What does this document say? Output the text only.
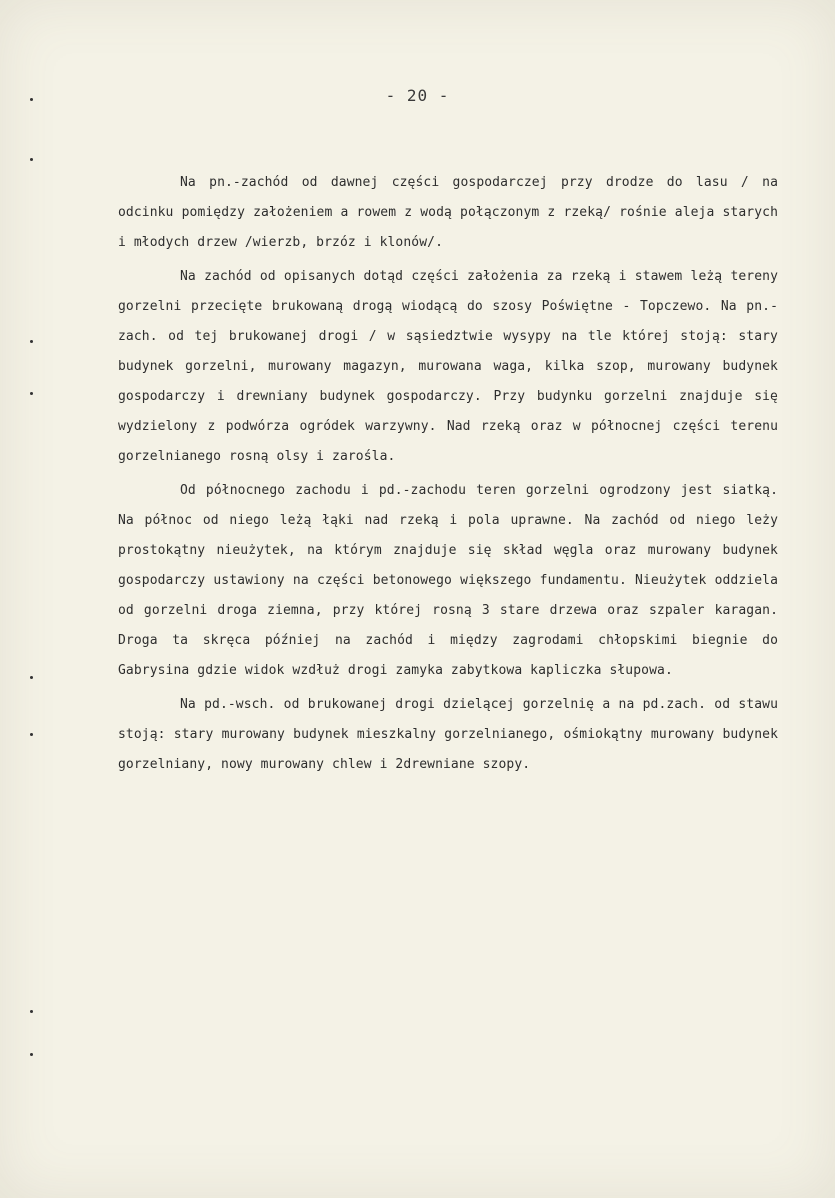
- 20 -

Na pn.-zachód od dawnej części gospodarczej przy drodze do lasu / na odcinku pomiędzy założeniem a rowem z wodą połączonym z rzeką/ rośnie aleja starych i młodych drzew /wierzb, brzóz i klonów/.

Na zachód od opisanych dotąd części założenia za rzeką i stawem leżą tereny gorzelni przecięte brukowaną drogą wiodącą do szosy Poświętne - Topczewo. Na pn.-zach. od tej brukowanej drogi / w sąsiedztwie wysypy na tle której stoją: stary budynek gorzelni, murowany magazyn, murowana waga, kilka szop, murowany budynek gospodarczy i drewniany budynek gospodarczy. Przy budynku gorzelni znajduje się wydzielony z podwórza ogródek warzywny. Nad rzeką oraz w północnej części terenu gorzelnianego rosną olsy i zarośla.

Od północnego zachodu i pd.-zachodu teren gorzelni ogrodzony jest siatką. Na północ od niego leżą łąki nad rzeką i pola uprawne. Na zachód od niego leży prostokątny nieużytek, na którym znajduje się skład węgla oraz murowany budynek gospodarczy ustawiony na części betonowego większego fundamentu. Nieużytek oddziela od gorzelni droga ziemna, przy której rosną 3 stare drzewa oraz szpaler karagan. Droga ta skręca później na zachód i między zagrodami chłopskimi biegnie do Gabrysina gdzie widok wzdłuż drogi zamyka zabytkowa kapliczka słupowa.

Na pd.-wsch. od brukowanej drogi dzielącej gorzelnię a na pd.zach. od stawu stoją: stary murowany budynek mieszkalny gorzelnianego, ośmiokątny murowany budynek gorzelniany, nowy murowany chlew i 2drewniane szopy.
